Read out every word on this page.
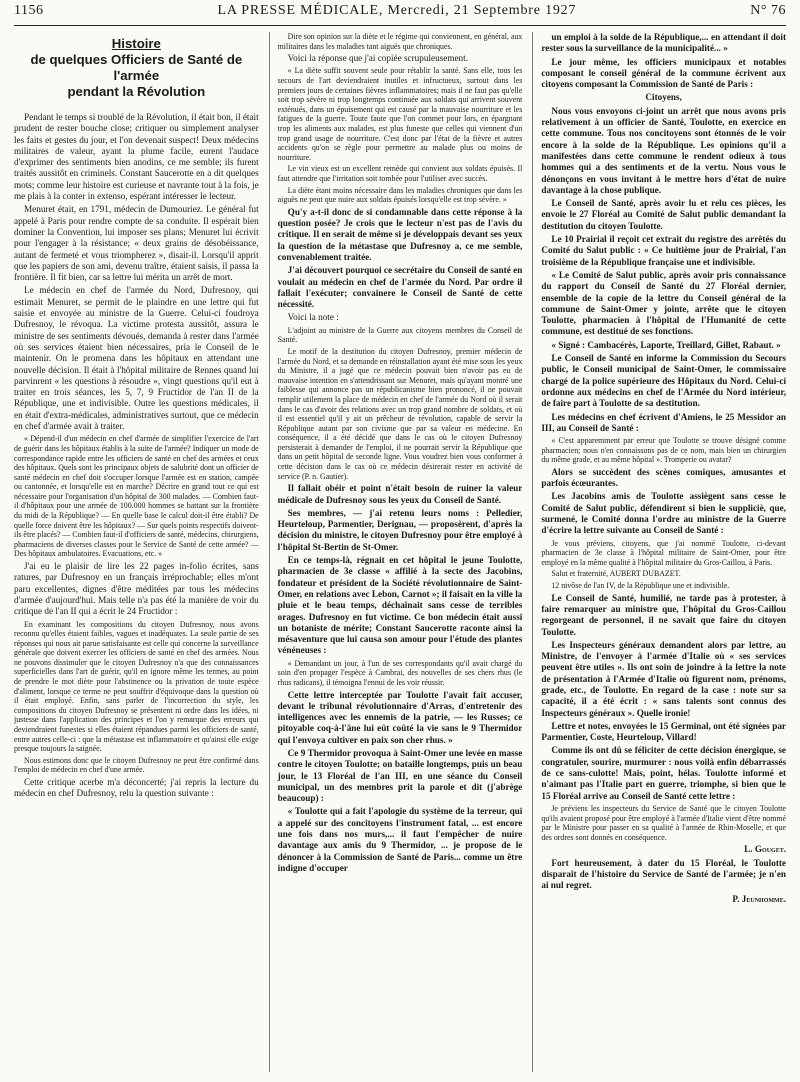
1156	LA PRESSE MÉDICALE, Mercredi, 21 Septembre 1927	N° 76
Histoire
de quelques Officiers de Santé de l'armée
pendant la Révolution

Pendant le temps si troublé de la Révolution, il était bon, il était prudent de rester bouche close; critiquer ou simplement analyser les faits et gestes du jour, et l'on devenait suspect! Deux médecins militaires de valeur, ayant la plume facile, eurent l'audace d'exprimer des sentiments bien anodins, ce me semble; ils furent traités aussitôt en criminels. Constant Saucerotte en a dit quelques mots; comme leur histoire est curieuse et navrante tout à la fois, je me plais à la conter in extenso, espérant intéresser le lecteur.

Menuret était, en 1791, médecin de Dumouriez. Le général fut appelé à Paris pour rendre compte de sa conduite. Il espérait bien dominer la Convention, lui imposer ses plans; Menuret lui écrivit pour l'engager à la résistance; « deux grains de désobéissance, autant de fermeté et vous triompherez », disait-il. Lorsqu'il apprit que les papiers de son ami, devenu traître, étaient saisis, il passa la frontière. Il fit bien, car sa lettre lui mérita un arrêt de mort.

Le médecin en chef de l'armée du Nord, Dufresnoy, qui estimait Menuret, se permit de le plaindre en une lettre qui fut saisie et envoyée au ministre de la Guerre. Celui-ci foudroya Dufresnoy, le révoqua. La victime protesta aussitôt, assura le ministre de ses sentiments dévoués, demanda à rester dans l'armée où ses services étaient bien nécessaires, pria le Conseil de le maintenir. On le promena dans les hôpitaux en attendant une nouvelle décision. Il était à l'hôpital militaire de Rennes quand lui parvinrent « les questions à résoudre », vingt questions qu'il eut à traiter en trois séances, les 5, 7, 9 Fructidor de l'an II de la République, une et indivisible. Outre les questions médicales, il en était d'extra-médicales, administratives surtout, que ce médecin en chef d'armée avait à traiter.

« Dépend-il d'un médecin en chef d'armée de simplifier l'exercice de l'art de guérir dans les hôpitaux établis à la suite de l'armée? Indiquer un mode de correspondance rapide entre les officiers de santé en chef des armées et ceux des hôpitaux. Quels sont les principaux objets de salubrité dont un officier de santé médecin en chef doit s'occuper lorsque l'armée est en station, campée ou cantonnée, et lorsqu'elle est en marche? Décrire en grand tout ce qui est nécessaire pour l'organisation d'un hôpital de 300 malades. — Combien faut-il d'hôpitaux pour une armée de 100.000 hommes se battant sur la frontière du midi de la République? — En quelle base le calcul doit-il être établi? De quelle force doivent être les hôpitaux? — Sur quels points respectifs doivent-ils être placés? — Combien faut-il d'officiers de santé, médecins, chirurgiens, pharmaciens de diverses classes pour le Service de Santé de cette armée? — Des hôpitaux ambulatoires. Evacuations, etc. »

J'ai eu le plaisir de lire les 22 pages in-folio écrites, sans ratures, par Dufresnoy en un français irréprochable; elles m'ont paru excellentes, dignes d'être méditées par tous les médecins d'armée d'aujourd'hui. Mais telle n'a pas été la manière de voir du critique de l'an II qui a écrit le 24 Fructidor :

En examinant les compositions du citoyen Dufresnoy, nous avons reconnu qu'elles étaient faibles, vagues et inadéquates. La seule partie de ses réponses qui nous ait parue satisfaisante est celle qui concerne la surveillance générale que doivent exercer les officiers de santé en chef des armées. Nous ne pouvons dissimuler que le citoyen Dufresnoy n'a que des connaissances superficielles dans l'art de guérir, qu'il en ignore même les termes, au point de prendre le mot diète pour l'abstinence ou la privation de toute espèce d'aliment, lorsque ce terme ne peut souffrir d'équivoque dans la question où il était employé. Enfin, sans parler de l'incorrection du style, les compositions du citoyen Dufresnoy se présentent ni ordre dans les idées, ni justesse dans l'application des principes et l'on y remarque des erreurs qui deviendraient funestes si elles étaient répandues parmi les officiers de santé, entre autres celle-ci : que la métastase est inflammatoire et qu'ainsi elle exige presque toujours la saignée.

Nous estimons donc que le citoyen Dufresnoy ne peut être confirmé dans l'emploi de médecin en chef d'une armée.

Cette critique acerbe m'a déconcerté; j'ai repris la lecture du médecin en chef Dufresnoy, relu la question suivante :

Dire son opinion sur la diète et le régime qui conviennent, en général, aux militaires dans les maladies tant aiguës que chroniques.

Voici la réponse que j'ai copiée scrupuleusement.

« La diète suffit souvent seule pour rétablir la santé. Sans elle, tous les secours de l'art deviendraient inutiles et infructueux, surtout dans les premiers jours de certaines fièvres inflammatoires; mais il ne faut pas qu'elle soit trop sévère ni trop longtemps continuée aux soldats qui arrivent souvent exténués, dans un épuisement qui est causé par la mauvaise nourriture et les fatigues de la guerre. Toute faute que l'on commet pour lors, en épargnant trop les aliments aux malades, est plus funeste que celles qui viennent d'un trop grand usage de nourriture. C'est donc par l'état de la fièvre et autres accidents qu'on se règle pour permettre au malade plus ou moins de nourriture.

Le vin vieux est un excellent remède qui convient aux soldats épuisés. Il faut attendre que l'irritation soit tombée pour l'utiliser avec succès.

La diète étant moins nécessaire dans les maladies chroniques que dans les aiguës ne peut que nuire aux soldats épuisés lorsqu'elle est trop sévère. »

Qu'y a-t-il donc de si condamnable dans cette réponse à la question posée? Je crois que le lecteur n'est pas de l'avis du critique. Il en serait de même si je développais devant ses yeux la question de la métastase que Dufresnoy a, ce me semble, convenablement traitée.

J'ai découvert pourquoi ce secrétaire du Conseil de santé en voulait au médecin en chef de l'armée du Nord. Par ordre il fallait l'exécuter; convainere le Conseil de Santé de cette nécessité.

Voici la note :

L'adjoint au ministre de la Guerre aux citoyens membres du Conseil de Santé.

Le motif de la destitution du citoyen Dufresnoy, premier médecin de l'armée du Nord, et sa demande en réinstallation ayant été mise sous les yeux du Ministre, il a jugé que ce médecin pouvait bien n'avoir pas eu de mauvaise intention en s'attendrissant sur Menuret, mais qu'ayant montré une faiblesse qui annonce pas un républicanisme bien prononcé, il ne pouvait remplir utilement la place de médecin en chef de l'armée du Nord où il serait dans le cas d'avoir des relations avec un trop grand nombre de soldats, et où il est essentiel qu'il y ait un prêcheur de révolution, capable de servir la République autant par son civisme que par sa valeur en médecine. En conséquence, il a été décidé que dans le cas où le citoyen Dufresnoy persisterait à demander de l'emploi, il ne pourrait servir la République que dans un petit hôpital de seconde ligne. Vous voudrez bien vous conformer à cette décision dans le cas où ce médecin désirerait rester en activité de service (P. n. Gautier).

Il fallait obéir et point n'était besoin de ruiner la valeur médicale de Dufresnoy sous les yeux du Conseil de Santé.

Ses membres, — j'ai retenu leurs noms : Pelledier, Heurteloup, Parmentier, Derignau, — proposèrent, d'après la décision du ministre, le citoyen Dufresnoy pour être employé à l'hôpital St-Bertin de St-Omer.

En ce temps-là, régnait en cet hôpital le jeune Toulotte, pharmacien de 3e classe « affilié à la secte des Jacobins, fondateur et président de la Société révolutionnaire de Saint-Omer, en relations avec Lebon, Carnot »; il faisait en la ville la pluie et le beau temps, déchaînait sans cesse de terribles orages. Dufresnoy en fut victime. Ce bon médecin était aussi un botaniste de mérite; Constant Saucerotte raconte ainsi la mésaventure que lui causa son amour pour l'étude des plantes vénéneuses :

« Demandant un jour, à l'un de ses correspondants qu'il avait chargé du soin d'en propager l'espèce à Cambrai, des nouvelles de ses chers rhus (le rhus radicans), il témoigna l'ennui de les voir réussir.

Cette lettre interceptée par Toulotte l'avait fait accuser, devant le tribunal révolutionnaire d'Arras, d'entretenir des intelligences avec les ennemis de la patrie, — les Russes; ce pitoyable coq-à-l'âne lui eût coûté la vie sans le 9 Thermidor qui l'envoya cultiver en paix son cher rhus. »

Ce 9 Thermidor provoqua à Saint-Omer une levée en masse contre le citoyen Toulotte; on bataille longtemps, puis un beau jour, le 13 Floréal de l'an III, en une séance du Conseil municipal, un des membres prit la parole et dit (j'abrège beaucoup) :

« Toulotte qui a fait l'apologie du système de la terreur, qui a appelé sur des concitoyens l'instrument fatal, ... est encore une fois dans nos murs,... il faut l'empêcher de nuire davantage aux amis du 9 Thermidor, ... je propose de le dénoncer à la Commission de Santé de Paris... comme un être indigne d'occuper

un emploi à la solde de la République,... en attendant il doit rester sous la surveillance de la municipalité... »

Le jour même, les officiers municipaux et notables composant le conseil général de la commune écrivent aux citoyens composant la Commission de Santé de Paris :

Citoyens,

Nous vous envoyons ci-joint un arrêt que nous avons pris relativement à un officier de Santé, Toulotte, en exercice en cette commune. Tous nos concitoyens sont étonnés de le voir encore à la solde de la République. Les opinions qu'il a manifestées dans cette commune le rendent odieux à tous hommes qui a des sentiments et de la vertu. Nous vous le dénonçons en vous invitant à le mettre hors d'état de nuire davantage à la chose publique.

Le Conseil de Santé, après avoir lu et relu ces pièces, les envoie le 27 Floréal au Comité de Salut public demandant la destitution du citoyen Toulotte.

Le 10 Prairial il reçoit cet extrait du registre des arrêtés du Comité du Salut public : « Ce huitième jour de Prairial, l'an troisième de la République française une et indivisible.

« Le Comité de Salut public, après avoir pris connaissance du rapport du Conseil de Santé du 27 Floréal dernier, ensemble de la copie de la lettre du Conseil général de la commune de Saint-Omer y jointe, arrête que le citoyen Toulotte, pharmacien à l'hôpital de l'Humanité de cette commune, est destitué de ses fonctions.

« Signé : Cambacérès, Laporte, Treillard, Gillet, Rabaut. »

Le Conseil de Santé en informe la Commission du Secours public, le Conseil municipal de Saint-Omer, le commissaire chargé de la police supérieure des Hôpitaux du Nord. Celui-ci ordonne aux médecins en chef de l'Armée du Nord intérieur, de faire part à Toulotte de sa destitution.

Les médecins en chef écrivent d'Amiens, le 25 Messidor an III, au Conseil de Santé :

« C'est apparemment par erreur que Toulotte se trouve désigné comme pharmacien; nous n'en connaissons pas de ce nom, mais bien un chirurgien du même grade, et au même hôpital ». Tromperie ou avatar?

Alors se succèdent des scènes comiques, amusantes et parfois écœurantes.

Les Jacobins amis de Toulotte assiègent sans cesse le Comité de Salut public, défendirent si bien le suppliciè, que, surmené, le Comité donna l'ordre au ministre de la Guerre d'écrire la lettre suivante au Conseil de Santé :

Je vous préviens, citoyens, que j'ai nommé Toulotte, ci-devant pharmacien de 3e classe à l'hôpital militaire de Saint-Omer, pour être employé en la même qualité à l'hôpital militaire du Gros-Caillou, à Paris.

Salut et fraternité, AUBERT DUBAZET.

12 nivôse de l'an IV, de la République une et indivisible.

Le Conseil de Santé, humilié, ne tarde pas à protester, à faire remarquer au ministre que, l'hôpital du Gros-Caillou regorgeant de personnel, il ne savait que faire du citoyen Toulotte.

Les Inspecteurs généraux demandent alors par lettre, au Ministre, de l'envoyer à l'armée d'Italie où « ses services peuvent être utiles ». Ils ont soin de joindre à la lettre la note de présentation à l'Armée d'Italie où figurent nom, prénoms, grade, etc., de Toulotte. En regard de la case : note sur sa capacité, il a été écrit : « sans talents sont connus des Inspecteurs généraux ». Quelle ironie!

Lettre et notes, envoyées le 15 Germinal, ont été signées par Parmentier, Coste, Heurteloup, Villard!

Comme ils ont dû se féliciter de cette décision énergique, se congratuler, sourire, murmurer : nous voilà enfin débarrassés de ce sans-culotte! Mais, point, hélas. Toulotte informé et n'aimant pas l'Italie part en guerre, triomphe, si bien que le 15 Floréal arrive au Conseil de Santé cette lettre :

Je préviens les inspecteurs du Service de Santé que le citoyen Toulotte qu'ils avaient proposé pour être employé à l'armée d'Italie vient d'être nommé par le Ministre pour passer en sa qualité à l'armée de Rhin-Moselle, et que des ordres sont donnés en conséquence.

L. Gouget.

Fort heureusement, à dater du 15 Floréal, le Toulotte disparaît de l'histoire du Service de Santé de l'armée; je n'en ai nul regret.

P. Jeunhomme.
